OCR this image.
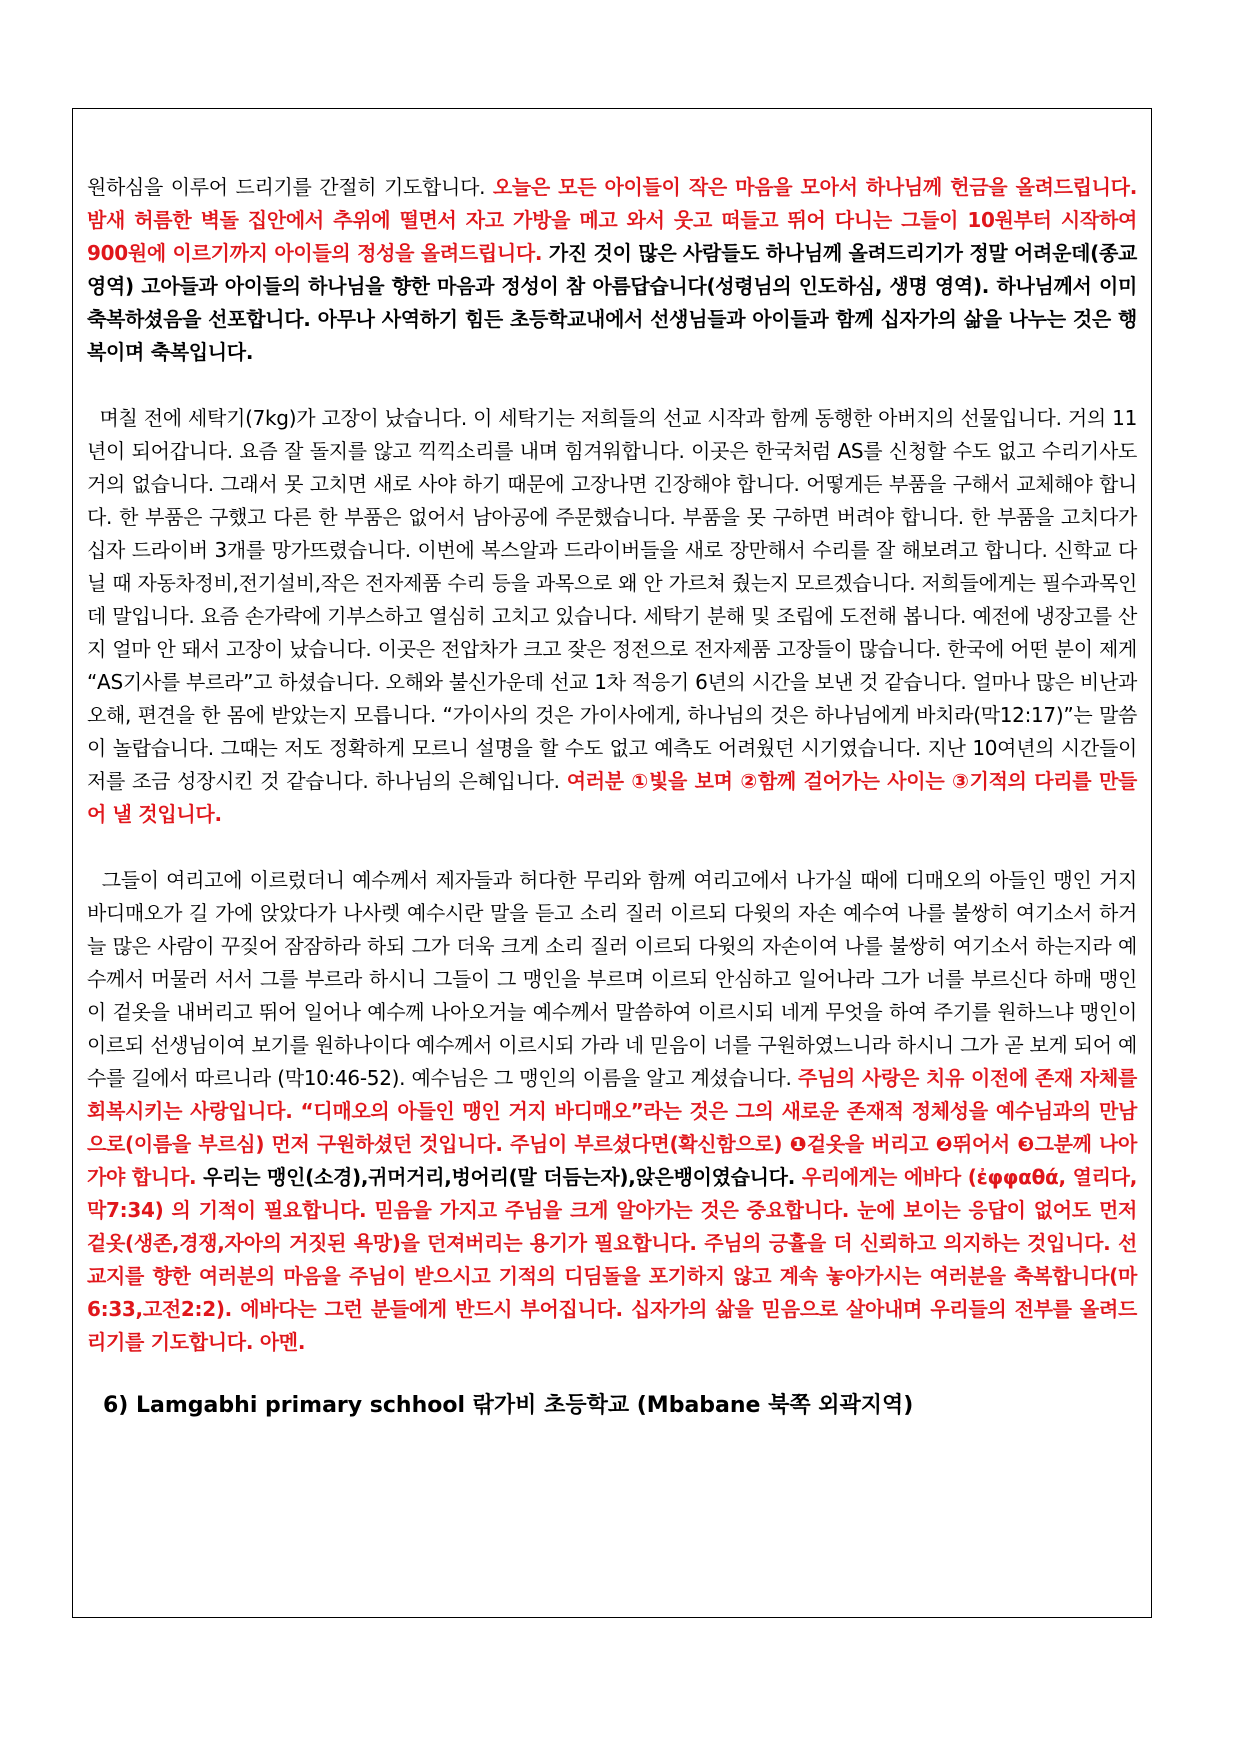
원하심을 이루어 드리기를 간절히 기도합니다. 오늘은 모든 아이들이 작은 마음을 모아서 하나님께 헌금을 올려드립니다. 밤새 허름한 벽돌 집안에서 추위에 떨면서 자고 가방을 메고 와서 웃고 떠들고 뛰어 다니는 그들이 10원부터 시작하여 900원에 이르기까지 아이들의 정성을 올려드립니다. 가진 것이 많은 사람들도 하나님께 올려드리기가 정말 어려운데(종교 영역) 고아들과 아이들의 하나님을 향한 마음과 정성이 참 아름답습니다(성령님의 인도하심, 생명 영역). 하나님께서 이미 축복하셨음을 선포합니다. 아무나 사역하기 힘든 초등학교내에서 선생님들과 아이들과 함께 십자가의 삶을 나누는 것은 행복이며 축복입니다.

며칠 전에 세탁기(7kg)가 고장이 났습니다. 이 세탁기는 저희들의 선교 시작과 함께 동행한 아버지의 선물입니다. 거의 11년이 되어갑니다. 요즘 잘 돌지를 않고 끽끽소리를 내며 힘겨워합니다. 이곳은 한국처럼 AS를 신청할 수도 없고 수리기사도 거의 없습니다. 그래서 못 고치면 새로 사야 하기 때문에 고장나면 긴장해야 합니다. 어떻게든 부품을 구해서 교체해야 합니다. 한 부품은 구했고 다른 한 부품은 없어서 남아공에 주문했습니다. 부품을 못 구하면 버려야 합니다. 한 부품을 고치다가 십자 드라이버 3개를 망가뜨렸습니다. 이번에 복스알과 드라이버들을 새로 장만해서 수리를 잘 해보려고 합니다. 신학교 다닐 때 자동차정비,전기설비,작은 전자제품 수리 등을 과목으로 왜 안 가르쳐 줬는지 모르겠습니다. 저희들에게는 필수과목인데 말입니다. 요즘 손가락에 기부스하고 열심히 고치고 있습니다. 세탁기 분해 및 조립에 도전해 봅니다. 예전에 냉장고를 산지 얼마 안 돼서 고장이 났습니다. 이곳은 전압차가 크고 잦은 정전으로 전자제품 고장들이 많습니다. 한국에 어떤 분이 제게 “AS기사를 부르라”고 하셨습니다. 오해와 불신가운데 선교 1차 적응기 6년의 시간을 보낸 것 같습니다. 얼마나 많은 비난과 오해, 편견을 한 몸에 받았는지 모릅니다. “가이사의 것은 가이사에게, 하나님의 것은 하나님에게 바치라(막12:17)”는 말씀이 놀랍습니다. 그때는 저도 정확하게 모르니 설명을 할 수도 없고 예측도 어려웠던 시기였습니다. 지난 10여년의 시간들이 저를 조금 성장시킨 것 같습니다. 하나님의 은혜입니다. 여러분 ①빛을 보며 ②함께 걸어가는 사이는 ③기적의 다리를 만들어 낼 것입니다.

그들이 여리고에 이르렀더니 예수께서 제자들과 허다한 무리와 함께 여리고에서 나가실 때에 디매오의 아들인 맹인 거지 바디매오가 길 가에 앉았다가 나사렛 예수시란 말을 듣고 소리 질러 이르되 다윗의 자손 예수여 나를 불쌍히 여기소서 하거늘 많은 사람이 꾸짖어 잠잠하라 하되 그가 더욱 크게 소리 질러 이르되 다윗의 자손이여 나를 불쌍히 여기소서 하는지라 예수께서 머물러 서서 그를 부르라 하시니 그들이 그 맹인을 부르며 이르되 안심하고 일어나라 그가 너를 부르신다 하매 맹인이 겉옷을 내버리고 뛰어 일어나 예수께 나아오거늘 예수께서 말씀하여 이르시되 네게 무엇을 하여 주기를 원하느냐 맹인이 이르되 선생님이여 보기를 원하나이다 예수께서 이르시되 가라 네 믿음이 너를 구원하였느니라 하시니 그가 곧 보게 되어 예수를 길에서 따르니라 (막10:46-52). 예수님은 그 맹인의 이름을 알고 계셨습니다. 주님의 사랑은 치유 이전에 존재 자체를 회복시키는 사랑입니다. “디매오의 아들인 맹인 거지 바디매오”라는 것은 그의 새로운 존재적 정체성을 예수님과의 만남으로(이름을 부르심) 먼저 구원하셨던 것입니다. 주님이 부르셨다면(확신함으로) ❶겉옷을 버리고 ❷뛰어서 ❸그분께 나아가야 합니다. 우리는 맹인(소경),귀머거리,벙어리(말 더듬는자),앉은뱅이였습니다. 우리에게는 에바다 (ἐφφαθά, 열리다, 막7:34) 의 기적이 필요합니다. 믿음을 가지고 주님을 크게 알아가는 것은 중요합니다. 눈에 보이는 응답이 없어도 먼저 겉옷(생존,경쟁,자아의 거짓된 욕망)을 던져버리는 용기가 필요합니다. 주님의 긍휼을 더 신뢰하고 의지하는 것입니다. 선교지를 향한 여러분의 마음을 주님이 받으시고 기적의 디딤돌을 포기하지 않고 계속 놓아가시는 여러분을 축복합니다(마6:33,고전2:2). 에바다는 그런 분들에게 반드시 부어집니다. 십자가의 삶을 믿음으로 살아내며 우리들의 전부를 올려드리기를 기도합니다. 아멘.

6) Lamgabhi primary schhool 띾가비 초등학교 (Mbabane 북쪽 외곽지역)
